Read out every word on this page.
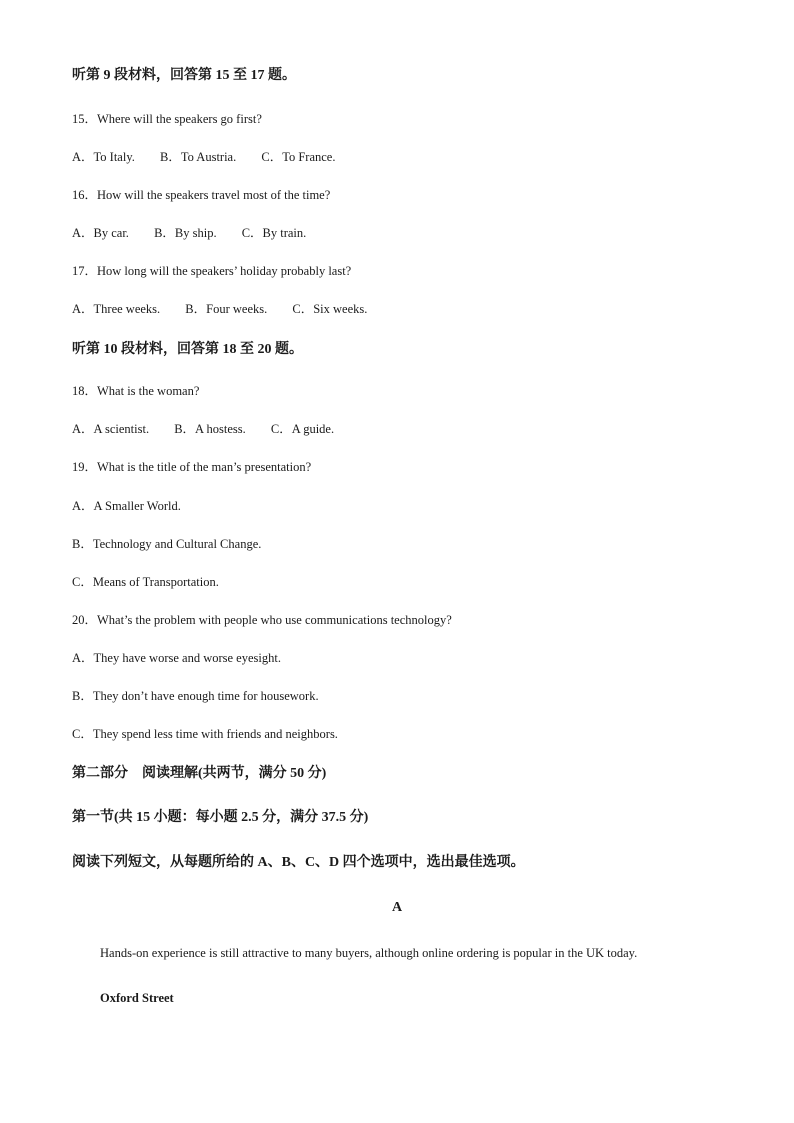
听第 9 段材料，回答第 15 至 17 题。
15．Where will the speakers go first?
A．To Italy. B．To Austria. C．To France.
16．How will the speakers travel most of the time?
A．By car. B．By ship. C．By train.
17．How long will the speakers’ holiday probably last?
A．Three weeks. B．Four weeks. C．Six weeks.
听第 10 段材料，回答第 18 至 20 题。
18．What is the woman?
A．A scientist. B．A hostess. C．A guide.
19．What is the title of the man’s presentation?
A．A Smaller World.
B．Technology and Cultural Change.
C．Means of Transportation.
20．What’s the problem with people who use communications technology?
A．They have worse and worse eyesight.
B．They don’t have enough time for housework.
C．They spend less time with friends and neighbors.
第二部分　阅读理解(共两节，满分 50 分)
第一节(共 15 小题：每小题 2.5 分，满分 37.5 分)
阅读下列短文，从每题所给的 A、B、C、D 四个选项中，选出最佳选项。
A
Hands-on experience is still attractive to many buyers, although online ordering is popular in the UK today.
Oxford Street
